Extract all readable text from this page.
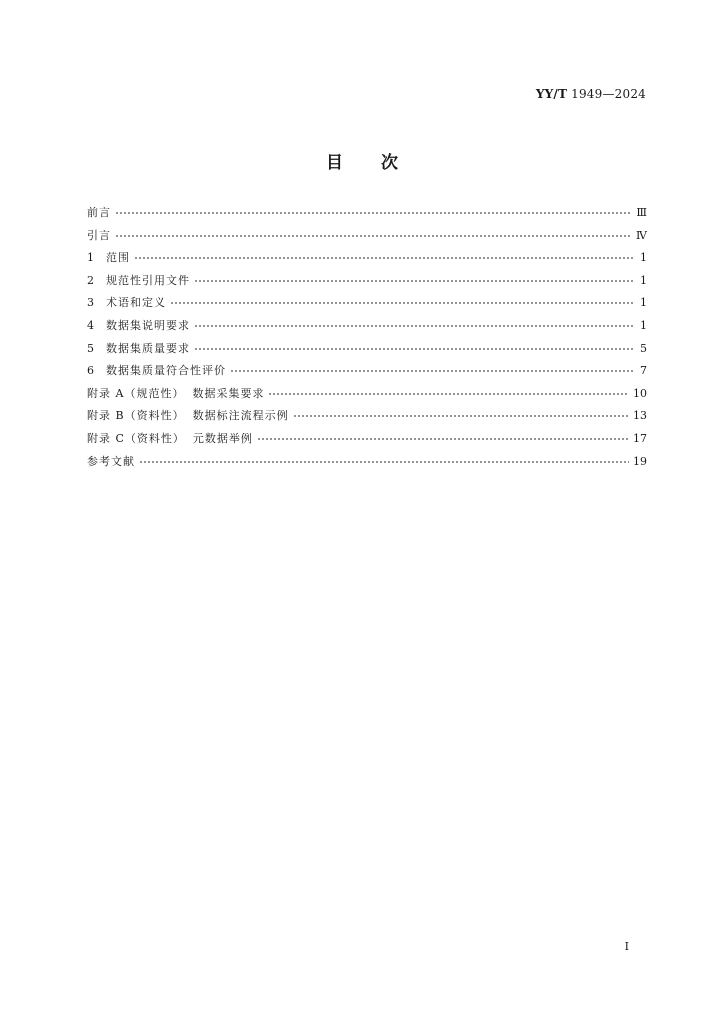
YY/T 1949—2024
目次
前言	Ⅲ
引言	Ⅳ
1	范围	1
2	规范性引用文件	1
3	术语和定义	1
4	数据集说明要求	1
5	数据集质量要求	5
6	数据集质量符合性评价	7
附录 A（规范性） 数据采集要求	10
附录 B（资料性） 数据标注流程示例	13
附录 C（资料性） 元数据举例	17
参考文献	19
Ⅰ
